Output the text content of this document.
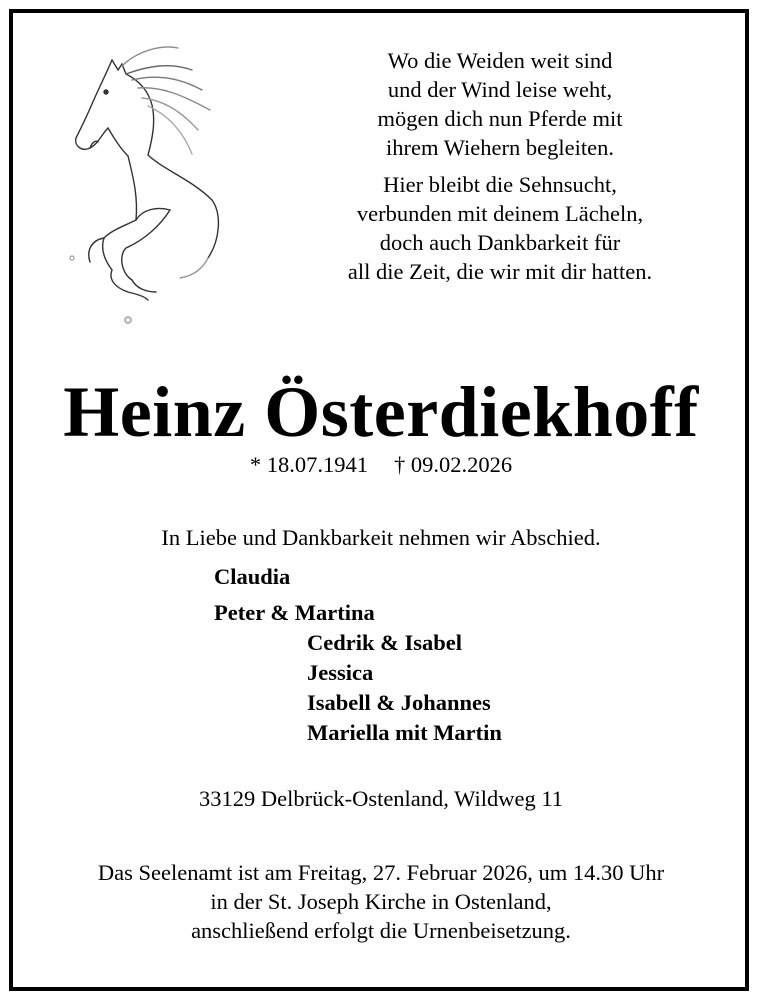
Wo die Weiden weit sind
und der Wind leise weht,
mögen dich nun Pferde mit
ihrem Wiehern begleiten.
Hier bleibt die Sehnsucht,
verbunden mit deinem Lächeln,
doch auch Dankbarkeit für
all die Zeit, die wir mit dir hatten.
Heinz Österdiekhoff
* 18.07.1941 † 09.02.2026
In Liebe und Dankbarkeit nehmen wir Abschied.
Claudia
Peter & Martina
Cedrik & Isabel
Jessica
Isabell & Johannes
Mariella mit Martin
33129 Delbrück-Ostenland, Wildweg 11
Das Seelenamt ist am Freitag, 27. Februar 2026, um 14.30 Uhr
in der St. Joseph Kirche in Ostenland,
anschließend erfolgt die Urnenbeisetzung.
